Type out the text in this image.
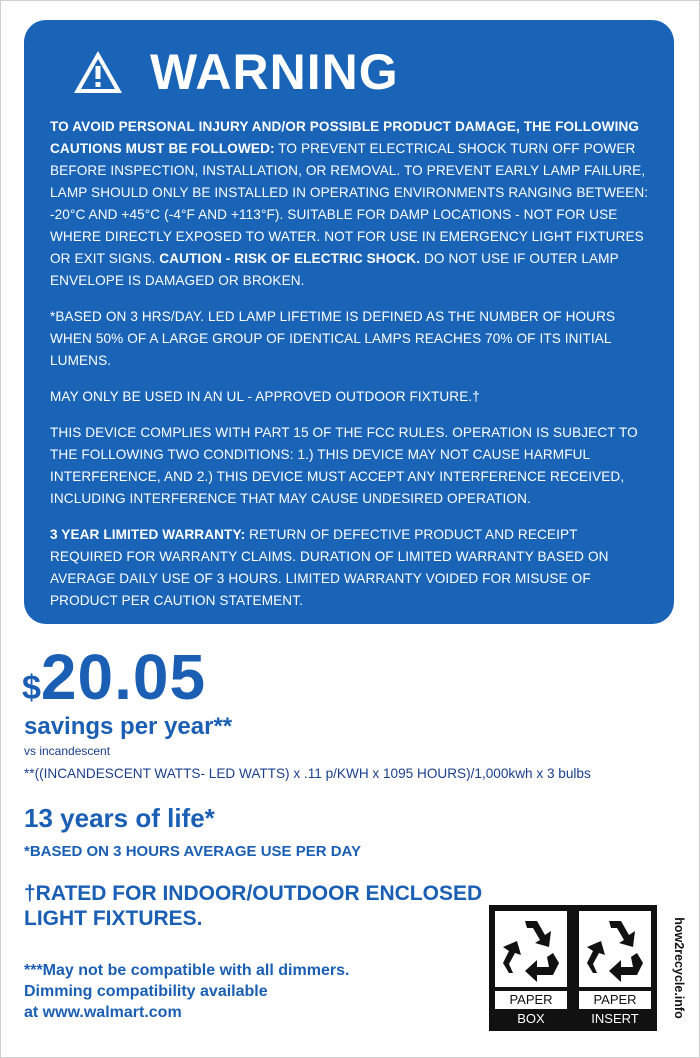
WARNING

TO AVOID PERSONAL INJURY AND/OR POSSIBLE PRODUCT DAMAGE, THE FOLLOWING CAUTIONS MUST BE FOLLOWED: TO PREVENT ELECTRICAL SHOCK TURN OFF POWER BEFORE INSPECTION, INSTALLATION, OR REMOVAL. TO PREVENT EARLY LAMP FAILURE, LAMP SHOULD ONLY BE INSTALLED IN OPERATING ENVIRONMENTS RANGING BETWEEN: -20°C AND +45°C (-4°F AND +113°F). SUITABLE FOR DAMP LOCATIONS - NOT FOR USE WHERE DIRECTLY EXPOSED TO WATER. NOT FOR USE IN EMERGENCY LIGHT FIXTURES OR EXIT SIGNS. CAUTION - RISK OF ELECTRIC SHOCK. DO NOT USE IF OUTER LAMP ENVELOPE IS DAMAGED OR BROKEN.

*BASED ON 3 HRS/DAY. LED LAMP LIFETIME IS DEFINED AS THE NUMBER OF HOURS WHEN 50% OF A LARGE GROUP OF IDENTICAL LAMPS REACHES 70% OF ITS INITIAL LUMENS.

MAY ONLY BE USED IN AN UL - APPROVED OUTDOOR FIXTURE.†

THIS DEVICE COMPLIES WITH PART 15 OF THE FCC RULES. OPERATION IS SUBJECT TO THE FOLLOWING TWO CONDITIONS: 1.) THIS DEVICE MAY NOT CAUSE HARMFUL INTERFERENCE, AND 2.) THIS DEVICE MUST ACCEPT ANY INTERFERENCE RECEIVED, INCLUDING INTERFERENCE THAT MAY CAUSE UNDESIRED OPERATION.

3 YEAR LIMITED WARRANTY: RETURN OF DEFECTIVE PRODUCT AND RECEIPT REQUIRED FOR WARRANTY CLAIMS. DURATION OF LIMITED WARRANTY BASED ON AVERAGE DAILY USE OF 3 HOURS. LIMITED WARRANTY VOIDED FOR MISUSE OF PRODUCT PER CAUTION STATEMENT.

FOR MORE FCC INFORMATION PLEASE VISIT WWW.WALMART.COM.

$20.05
savings per year**
vs incandescent
**((INCANDESCENT WATTS- LED WATTS) x .11 p/KWH x 1095 HOURS)/1,000kwh x 3 bulbs
13 years of life*
*BASED ON 3 HOURS AVERAGE USE PER DAY
†RATED FOR INDOOR/OUTDOOR ENCLOSED LIGHT FIXTURES.
***May not be compatible with all dimmers.
Dimming compatibility available
at www.walmart.com
PAPER
BOX
PAPER
INSERT	how2recycle.info
